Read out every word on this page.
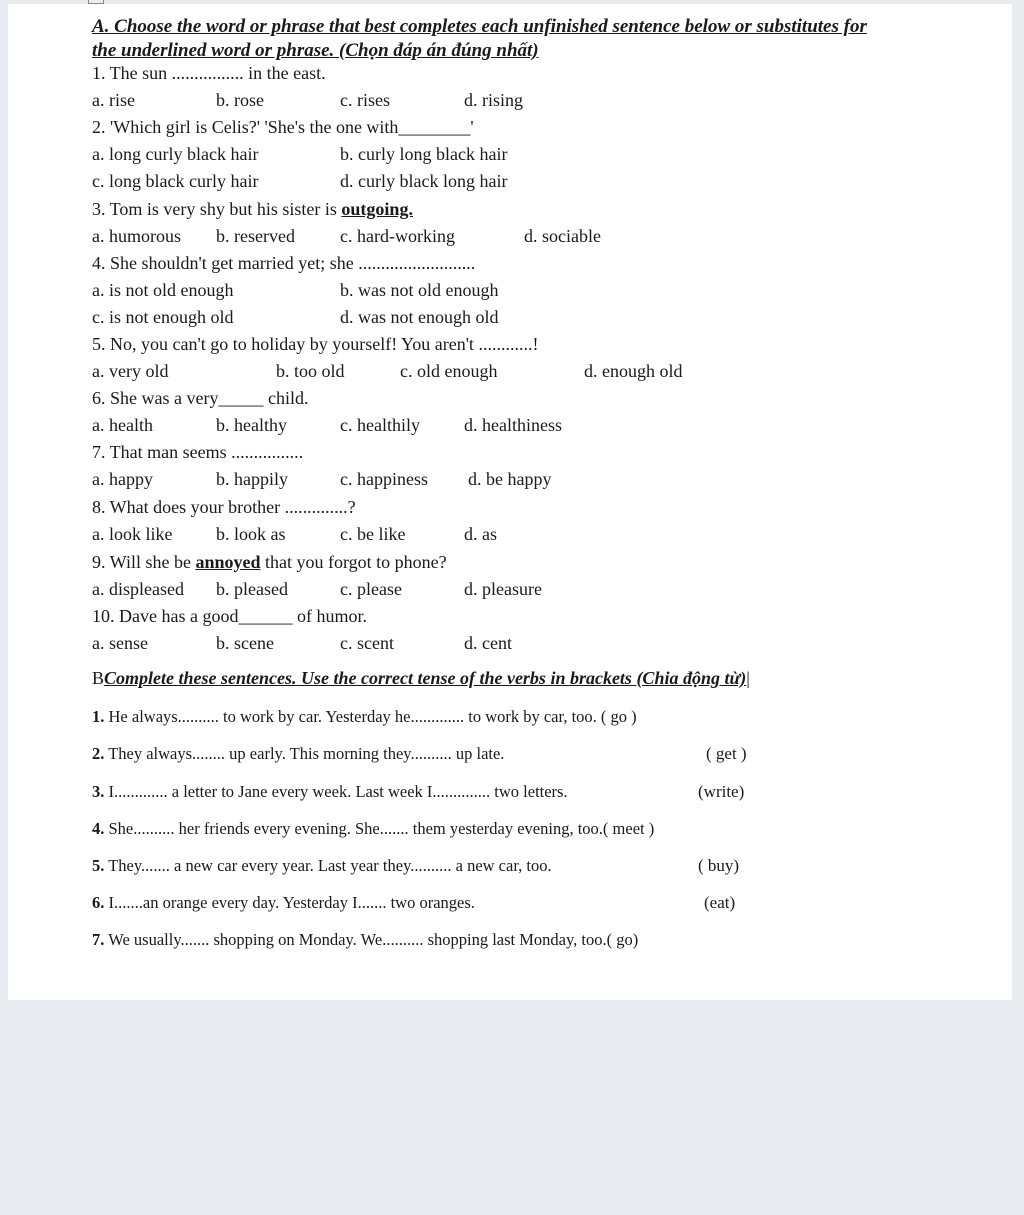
A. Choose the word or phrase that best completes each unfinished sentence below or substitutes for
the underlined word or phrase. (Chọn đáp án đúng nhất)
1. The sun ................ in the east.
a. rise	b. rose	c. rises	d. rising
2. 'Which girl is Celis?' 'She's the one with________'
a. long curly black hair	b. curly long black hair
c. long black curly hair	d. curly black long hair
3. Tom is very shy but his sister is outgoing.
a. humorous b. reserved	c. hard-working	d. sociable
4. She shouldn't get married yet; she ..........................
a. is not old enough	b. was not old enough
c. is not enough old	d. was not enough old
5. No, you can't go to holiday by yourself! You aren't ............!
a. very old	b. too old	c. old enough	d. enough old
6. She was a very_____ child.
a. health	b. healthy	c. healthily d. healthiness
7. That man seems ................
a. happy	b. happily	c. happiness d. be happy
8. What does your brother ..............?
a. look like b. look as	c. be like	d. as
9. Will she be annoyed that you forgot to phone?
a. displeased b. pleased	c. please	d. pleasure
10. Dave has a good______ of humor.
a. sense	b. scene	c. scent	d. cent
BComplete these sentences. Use the correct tense of the verbs in brackets (Chia động từ)|
1. He always.......... to work by car. Yesterday he............. to work by car, too. ( go )
2. They always........ up early. This morning they.......... up late.	( get )
3. I............. a letter to Jane every week. Last week I.............. two letters.	(write)
4. She.......... her friends every evening. She....... them yesterday evening, too.( meet )
5. They....... a new car every year. Last year they.......... a new car, too.	( buy)
6. I.......an orange every day. Yesterday I....... two oranges.	(eat)
7. We usually....... shopping on Monday. We.......... shopping last Monday, too.( go)
